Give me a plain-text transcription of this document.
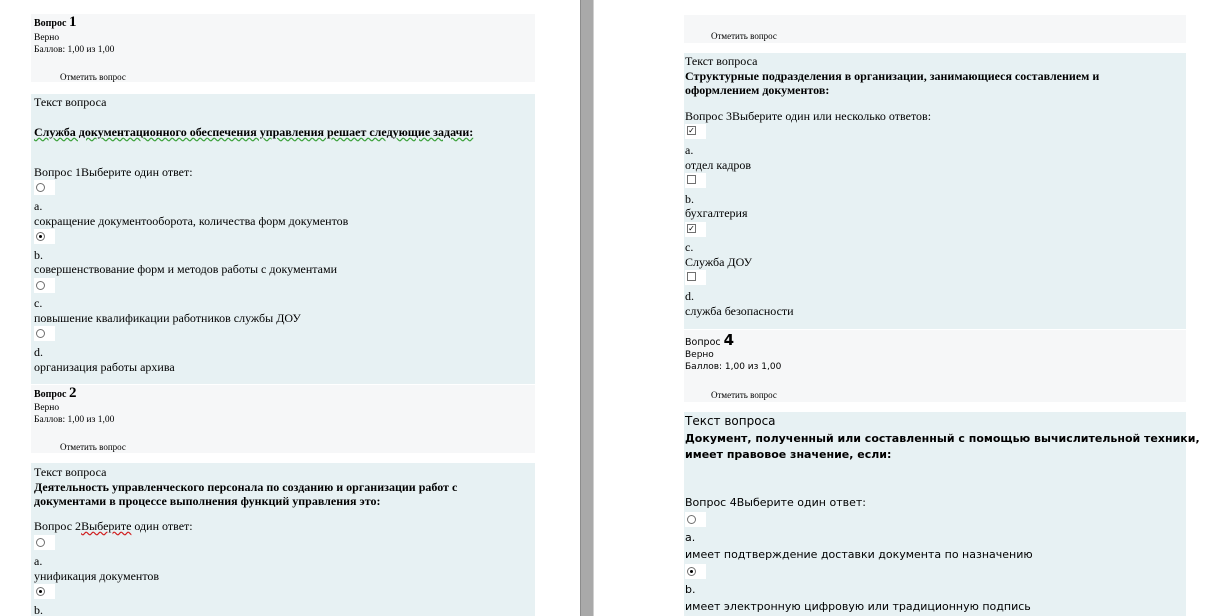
Вопрос 1
Верно
Баллов: 1,00 из 1,00
Отметить вопрос
Текст вопроса
Служба документационного обеспечения управления решает следующие задачи:
Вопрос 1Выберите один ответ:
a.
сокращение документооборота, количества форм документов
b.
совершенствование форм и методов работы с документами
c.
повышение квалификации работников службы ДОУ
d.
организация работы архива
Вопрос 2
Верно
Баллов: 1,00 из 1,00
Отметить вопрос
Текст вопроса
Деятельность управленческого персонала по созданию и организации работ с
документами в процессе выполнения функций управления это:
Вопрос 2Выберите один ответ:
a.
унификация документов
b.
Отметить вопрос
Текст вопроса
Структурные подразделения в организации, занимающиеся составлением и
оформлением документов:
Вопрос 3Выберите один или несколько ответов:
✓
a.
отдел кадров
b.
бухгалтерия
✓
c.
Служба ДОУ
d.
служба безопасности
Вопрос 4
Верно
Баллов: 1,00 из 1,00
Отметить вопрос
Текст вопроса
Документ, полученный или составленный с помощью вычислительной техники,
имеет правовое значение, если:
Вопрос 4Выберите один ответ:
a.
имеет подтверждение доставки документа по назначению
b.
имеет электронную цифровую или традиционную подпись
